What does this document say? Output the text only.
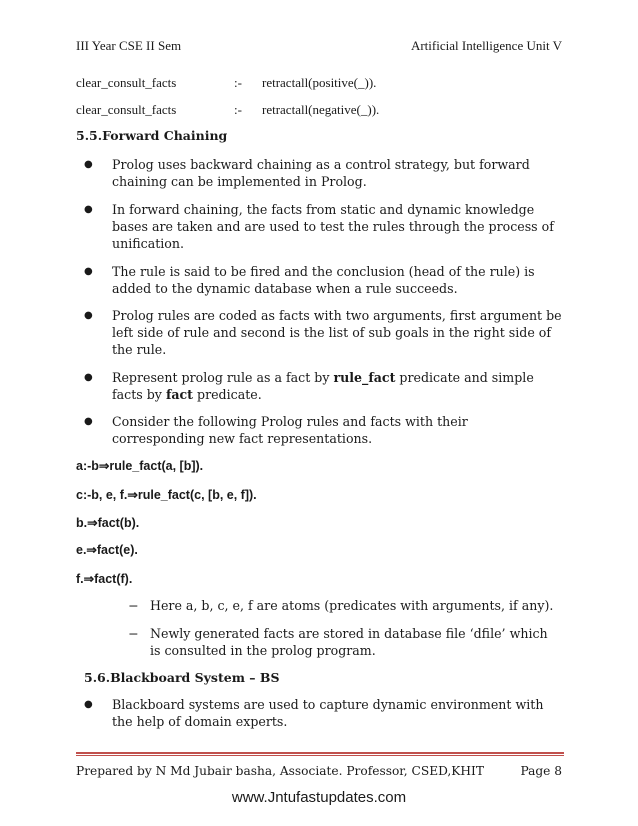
III Year CSE II Sem	Artificial Intelligence Unit V
clear_consult_facts	:- retractall(positive(_)).
clear_consult_facts	:- retractall(negative(_)).
5.5.Forward Chaining
● Prolog uses backward chaining as a control strategy, but forward chaining can be implemented in Prolog.
● In forward chaining, the facts from static and dynamic knowledge bases are taken and are used to test the rules through the process of unification.
● The rule is said to be fired and the conclusion (head of the rule) is added to the dynamic database when a rule succeeds.
● Prolog rules are coded as facts with two arguments, first argument be left side of rule and second is the list of sub goals in the right side of the rule.
● Represent prolog rule as a fact by rule_fact predicate and simple facts by fact predicate.
● Consider the following Prolog rules and facts with their corresponding new fact representations.
a:-b⇒rule_fact(a, [b]).
c:-b, e, f.⇒rule_fact(c, [b, e, f]).
b.⇒fact(b).
e.⇒fact(e).
f.⇒fact(f).
− Here a, b, c, e, f are atoms (predicates with arguments, if any).
− Newly generated facts are stored in database file ‘dfile’ which is consulted in the prolog program.
5.6.Blackboard System – BS
● Blackboard systems are used to capture dynamic environment with the help of domain experts.
Prepared by N Md Jubair basha, Associate. Professor, CSED,KHIT	Page 8
www.Jntufastupdates.com
